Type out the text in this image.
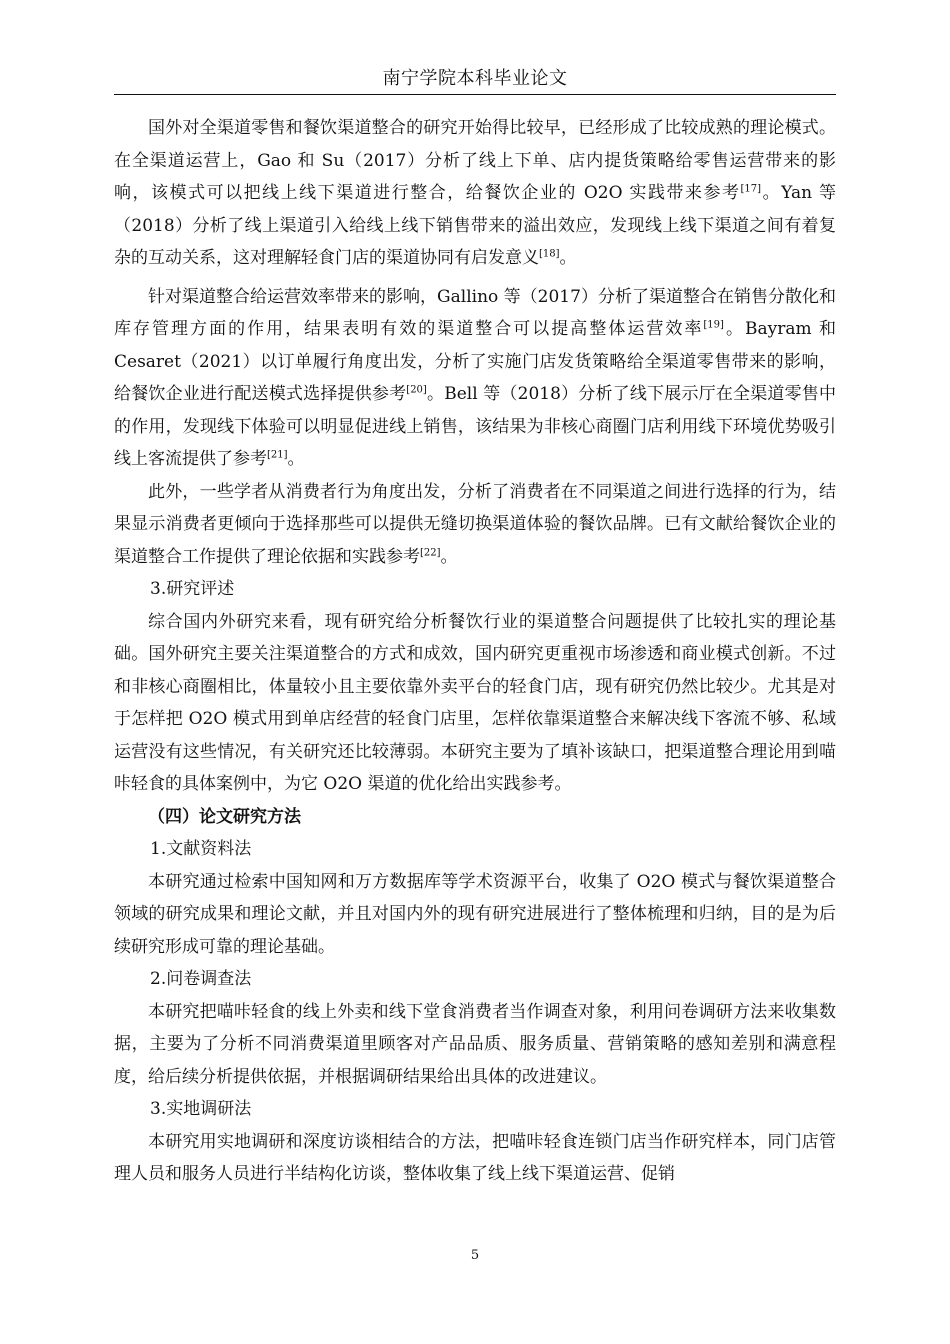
南宁学院本科毕业论文

国外对全渠道零售和餐饮渠道整合的研究开始得比较早，已经形成了比较成熟的理论模式。在全渠道运营上，Gao 和 Su（2017）分析了线上下单、店内提货策略给零售运营带来的影响，该模式可以把线上线下渠道进行整合，给餐饮企业的 O2O 实践带来参考[17]。Yan 等（2018）分析了线上渠道引入给线上线下销售带来的溢出效应，发现线上线下渠道之间有着复杂的互动关系，这对理解轻食门店的渠道协同有启发意义[18]。

针对渠道整合给运营效率带来的影响，Gallino 等（2017）分析了渠道整合在销售分散化和库存管理方面的作用，结果表明有效的渠道整合可以提高整体运营效率[19]。Bayram 和 Cesaret（2021）以订单履行角度出发，分析了实施门店发货策略给全渠道零售带来的影响，给餐饮企业进行配送模式选择提供参考[20]。Bell 等（2018）分析了线下展示厅在全渠道零售中的作用，发现线下体验可以明显促进线上销售，该结果为非核心商圈门店利用线下环境优势吸引线上客流提供了参考[21]。

此外，一些学者从消费者行为角度出发，分析了消费者在不同渠道之间进行选择的行为，结果显示消费者更倾向于选择那些可以提供无缝切换渠道体验的餐饮品牌。已有文献给餐饮企业的渠道整合工作提供了理论依据和实践参考[22]。

3.研究评述

综合国内外研究来看，现有研究给分析餐饮行业的渠道整合问题提供了比较扎实的理论基础。国外研究主要关注渠道整合的方式和成效，国内研究更重视市场渗透和商业模式创新。不过和非核心商圈相比，体量较小且主要依靠外卖平台的轻食门店，现有研究仍然比较少。尤其是对于怎样把 O2O 模式用到单店经营的轻食门店里，怎样依靠渠道整合来解决线下客流不够、私域运营没有这些情况，有关研究还比较薄弱。本研究主要为了填补该缺口，把渠道整合理论用到喵咔轻食的具体案例中，为它 O2O 渠道的优化给出实践参考。

（四）论文研究方法

1.文献资料法

本研究通过检索中国知网和万方数据库等学术资源平台，收集了 O2O 模式与餐饮渠道整合领域的研究成果和理论文献，并且对国内外的现有研究进展进行了整体梳理和归纳，目的是为后续研究形成可靠的理论基础。

2.问卷调查法

本研究把喵咔轻食的线上外卖和线下堂食消费者当作调查对象，利用问卷调研方法来收集数据，主要为了分析不同消费渠道里顾客对产品品质、服务质量、营销策略的感知差别和满意程度，给后续分析提供依据，并根据调研结果给出具体的改进建议。

3.实地调研法

本研究用实地调研和深度访谈相结合的方法，把喵咔轻食连锁门店当作研究样本，同门店管理人员和服务人员进行半结构化访谈，整体收集了线上线下渠道运营、促销

5
